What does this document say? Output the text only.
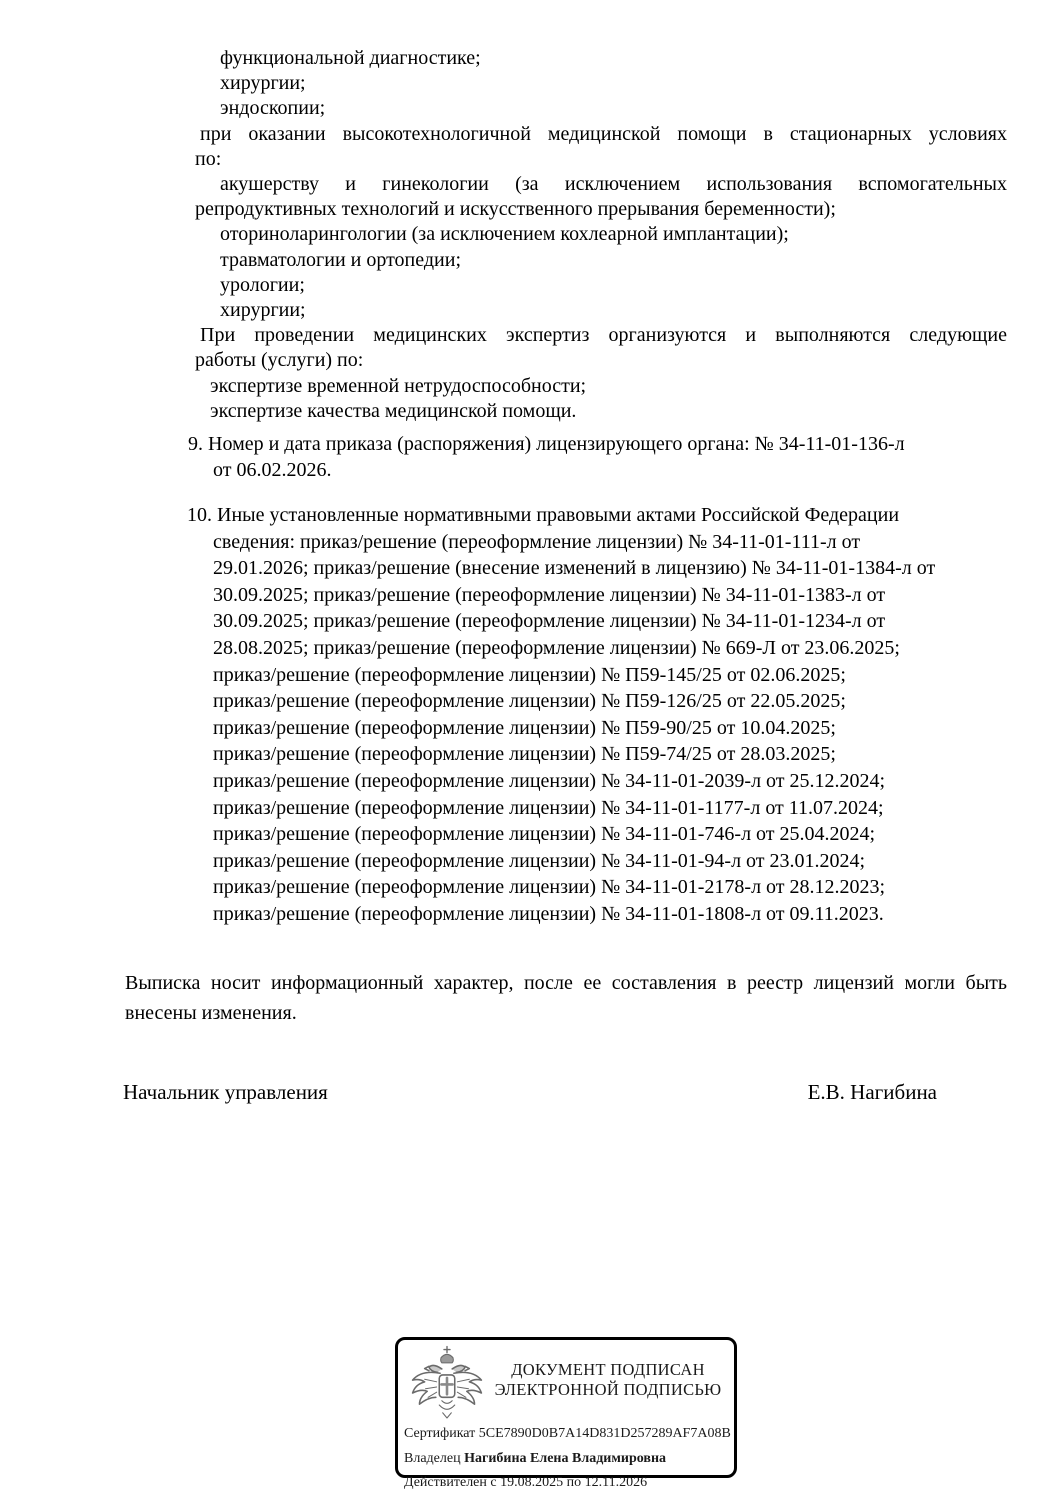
функциональной диагностике;
хирургии;
эндоскопии;
при оказании высокотехнологичной медицинской помощи в стационарных условиях
по:
акушерству и гинекологии (за исключением использования вспомогательных
репродуктивных технологий и искусственного прерывания беременности);
оториноларингологии (за исключением кохлеарной имплантации);
травматологии и ортопедии;
урологии;
хирургии;
При проведении медицинских экспертиз организуются и выполняются следующие
работы (услуги) по:
экспертизе временной нетрудоспособности;
экспертизе качества медицинской помощи.
9. Номер и дата приказа (распоряжения) лицензирующего органа: № 34-11-01-136-л
от 06.02.2026.
10. Иные установленные нормативными правовыми актами Российской Федерации
сведения: приказ/решение (переоформление лицензии) № 34-11-01-111-л от
29.01.2026; приказ/решение (внесение изменений в лицензию) № 34-11-01-1384-л от
30.09.2025; приказ/решение (переоформление лицензии) № 34-11-01-1383-л от
30.09.2025; приказ/решение (переоформление лицензии) № 34-11-01-1234-л от
28.08.2025; приказ/решение (переоформление лицензии) № 669-Л от 23.06.2025;
приказ/решение (переоформление лицензии) № П59-145/25 от 02.06.2025;
приказ/решение (переоформление лицензии) № П59-126/25 от 22.05.2025;
приказ/решение (переоформление лицензии) № П59-90/25 от 10.04.2025;
приказ/решение (переоформление лицензии) № П59-74/25 от 28.03.2025;
приказ/решение (переоформление лицензии) № 34-11-01-2039-л от 25.12.2024;
приказ/решение (переоформление лицензии) № 34-11-01-1177-л от 11.07.2024;
приказ/решение (переоформление лицензии) № 34-11-01-746-л от 25.04.2024;
приказ/решение (переоформление лицензии) № 34-11-01-94-л от 23.01.2024;
приказ/решение (переоформление лицензии) № 34-11-01-2178-л от 28.12.2023;
приказ/решение (переоформление лицензии) № 34-11-01-1808-л от 09.11.2023.
Выписка носит информационный характер, после ее составления в реестр лицензий могли быть
внесены изменения.
Начальник управления	Е.В. Нагибина
ДОКУМЕНТ ПОДПИСАН
ЭЛЕКТРОННОЙ ПОДПИСЬЮ
Сертификат 5CE7890D0B7A14D831D257289AF7A08B
Владелец Нагибина Елена Владимировна
Действителен с 19.08.2025 по 12.11.2026
